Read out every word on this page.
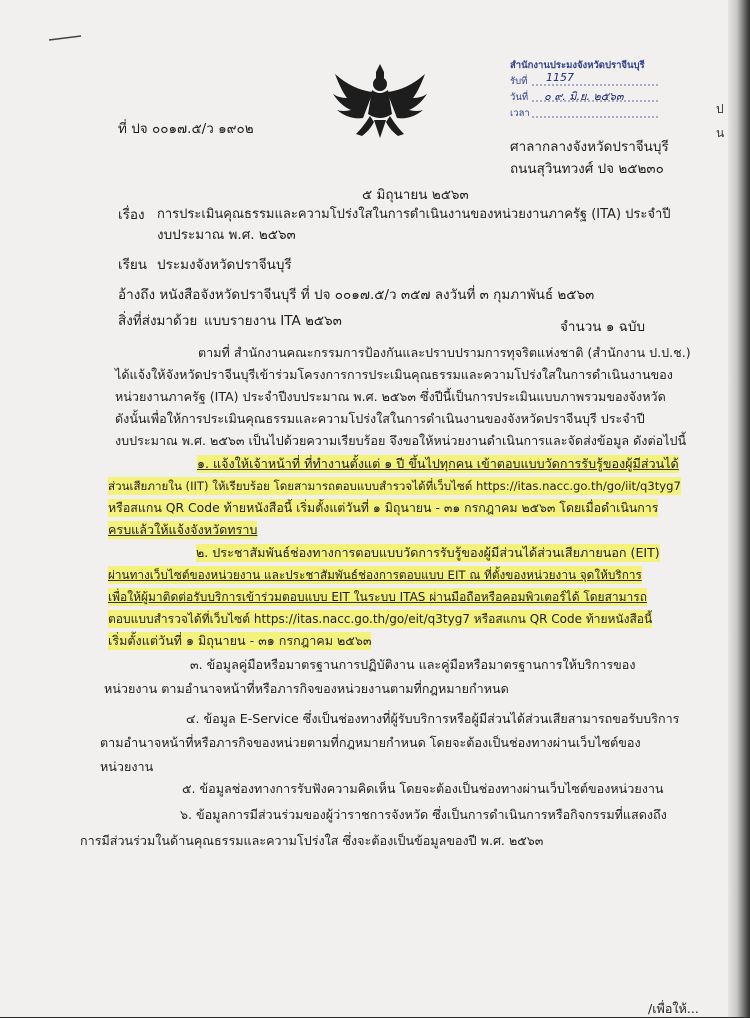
สำนักงานประมงจังหวัดปราจีนบุรี
รับที่ 1157
วันที่ ๐ ๙. มิ.ย. ๒๕๖๓
เวลา	ป
น
ที่ ปจ ๐๐๑๗.๕/ว ๑๙๐๒
ศาลากลางจังหวัดปราจีนบุรี
ถนนสุวินทวงศ์ ปจ ๒๕๒๓๐
๕ มิถุนายน ๒๕๖๓
เรื่อง การประเมินคุณธรรมและความโปร่งใสในการดำเนินงานของหน่วยงานภาครัฐ (ITA) ประจำปี
งบประมาณ พ.ศ. ๒๕๖๓
เรียน ประมงจังหวัดปราจีนบุรี
อ้างถึง หนังสือจังหวัดปราจีนบุรี ที่ ปจ ๐๐๑๗.๕/ว ๓๕๗ ลงวันที่ ๓ กุมภาพันธ์ ๒๕๖๓
สิ่งที่ส่งมาด้วย แบบรายงาน ITA ๒๕๖๓	จำนวน ๑ ฉบับ
ตามที่ สำนักงานคณะกรรมการป้องกันและปราบปรามการทุจริตแห่งชาติ (สำนักงาน ป.ป.ช.)
ได้แจ้งให้จังหวัดปราจีนบุรีเข้าร่วมโครงการการประเมินคุณธรรมและความโปร่งใสในการดำเนินงานของ
หน่วยงานภาครัฐ (ITA) ประจำปีงบประมาณ พ.ศ. ๒๕๖๓ ซึ่งปีนี้เป็นการประเมินแบบภาพรวมของจังหวัด
ดังนั้นเพื่อให้การประเมินคุณธรรมและความโปร่งใสในการดำเนินงานของจังหวัดปราจีนบุรี ประจำปี
งบประมาณ พ.ศ. ๒๕๖๓ เป็นไปด้วยความเรียบร้อย จึงขอให้หน่วยงานดำเนินการและจัดส่งข้อมูล ดังต่อไปนี้
๑. แจ้งให้เจ้าหน้าที่ ที่ทำงานตั้งแต่ ๑ ปี ขึ้นไปทุกคน เข้าตอบแบบวัดการรับรู้ของผู้มีส่วนได้
ส่วนเสียภายใน (IIT) ให้เรียบร้อย โดยสามารถตอบแบบสำรวจได้ที่เว็บไซต์ https://itas.nacc.go.th/go/iit/q3tyg7
หรือสแกน QR Code ท้ายหนังสือนี้ เริ่มตั้งแต่วันที่ ๑ มิถุนายน - ๓๑ กรกฎาคม ๒๕๖๓ โดยเมื่อดำเนินการ
ครบแล้วให้แจ้งจังหวัดทราบ
๒. ประชาสัมพันธ์ช่องทางการตอบแบบวัดการรับรู้ของผู้มีส่วนได้ส่วนเสียภายนอก (EIT)
ผ่านทางเว็บไซต์ของหน่วยงาน และประชาสัมพันธ์ช่องการตอบแบบ EIT ณ ที่ตั้งของหน่วยงาน จุดให้บริการ
เพื่อให้ผู้มาติดต่อรับบริการเข้าร่วมตอบแบบ EIT ในระบบ ITAS ผ่านมือถือหรือคอมพิวเตอร์ได้ โดยสามารถ
ตอบแบบสำรวจได้ที่เว็บไซต์ https://itas.nacc.go.th/go/eit/q3tyg7 หรือสแกน QR Code ท้ายหนังสือนี้
เริ่มตั้งแต่วันที่ ๑ มิถุนายน - ๓๑ กรกฎาคม ๒๕๖๓
๓. ข้อมูลคู่มือหรือมาตรฐานการปฏิบัติงาน และคู่มือหรือมาตรฐานการให้บริการของ
หน่วยงาน ตามอำนาจหน้าที่หรือภารกิจของหน่วยงานตามที่กฎหมายกำหนด
๔. ข้อมูล E-Service ซึ่งเป็นช่องทางที่ผู้รับบริการหรือผู้มีส่วนได้ส่วนเสียสามารถขอรับบริการ
ตามอำนาจหน้าที่หรือภารกิจของหน่วยตามที่กฎหมายกำหนด โดยจะต้องเป็นช่องทางผ่านเว็บไซต์ของ
หน่วยงาน
๕. ข้อมูลช่องทางการรับฟังความคิดเห็น โดยจะต้องเป็นช่องทางผ่านเว็บไซต์ของหน่วยงาน
๖. ข้อมูลการมีส่วนร่วมของผู้ว่าราชการจังหวัด ซึ่งเป็นการดำเนินการหรือกิจกรรมที่แสดงถึง
การมีส่วนร่วมในด้านคุณธรรมและความโปร่งใส ซึ่งจะต้องเป็นข้อมูลของปี พ.ศ. ๒๕๖๓
/เพื่อให้...
